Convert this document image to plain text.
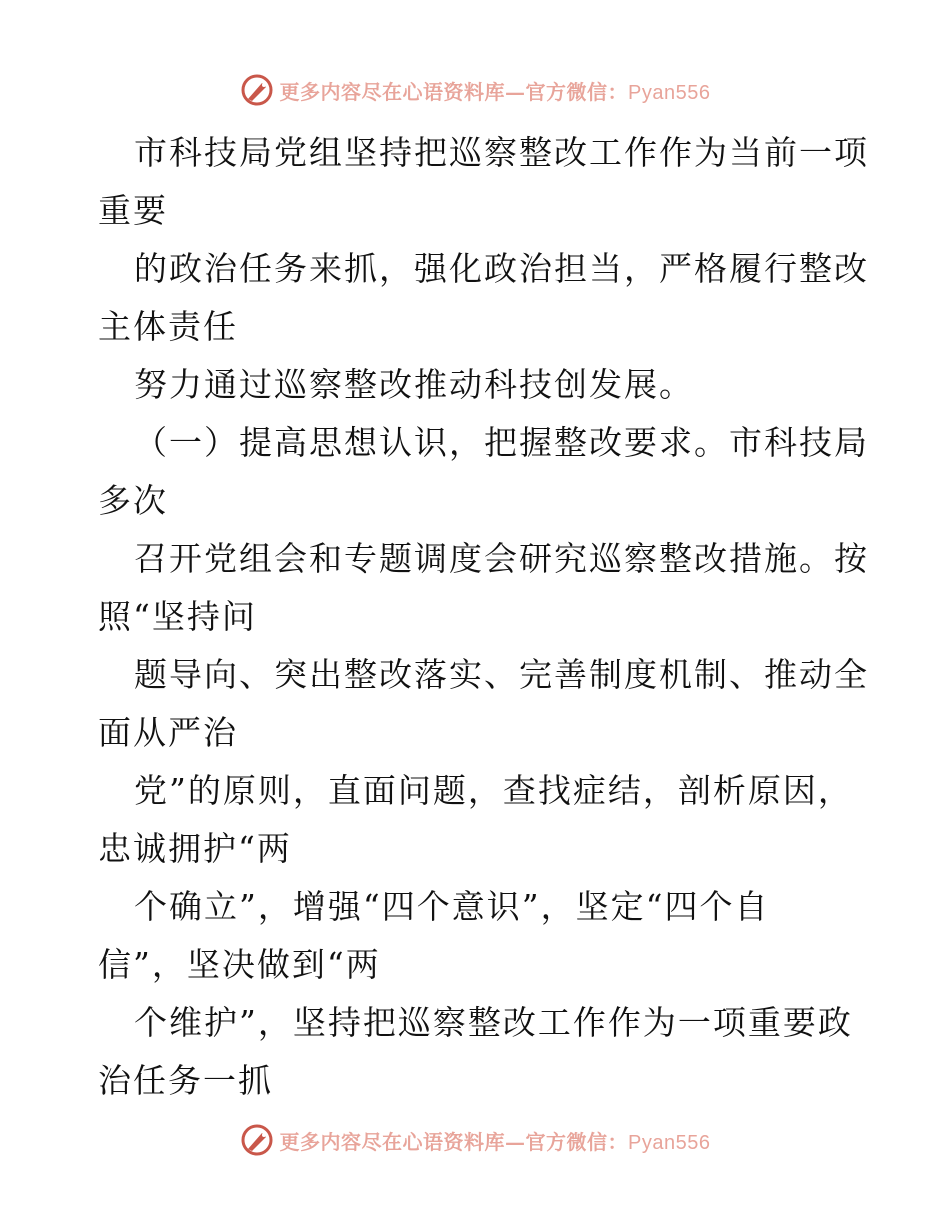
更多内容尽在心语资料库—官方微信：Pyan556
市科技局党组坚持把巡察整改工作作为当前一项
重要
的政治任务来抓，强化政治担当，严格履行整改
主体责任
努力通过巡察整改推动科技创发展。
（一）提高思想认识，把握整改要求。市科技局
多次
召开党组会和专题调度会研究巡察整改措施。按
照“坚持问
题导向、突出整改落实、完善制度机制、推动全
面从严治
党”的原则，直面问题，查找症结，剖析原因，
忠诚拥护“两
个确立”，增强“四个意识”，坚定“四个自
信”，坚决做到“两
个维护”，坚持把巡察整改工作作为一项重要政
治任务一抓
更多内容尽在心语资料库—官方微信：Pyan556
